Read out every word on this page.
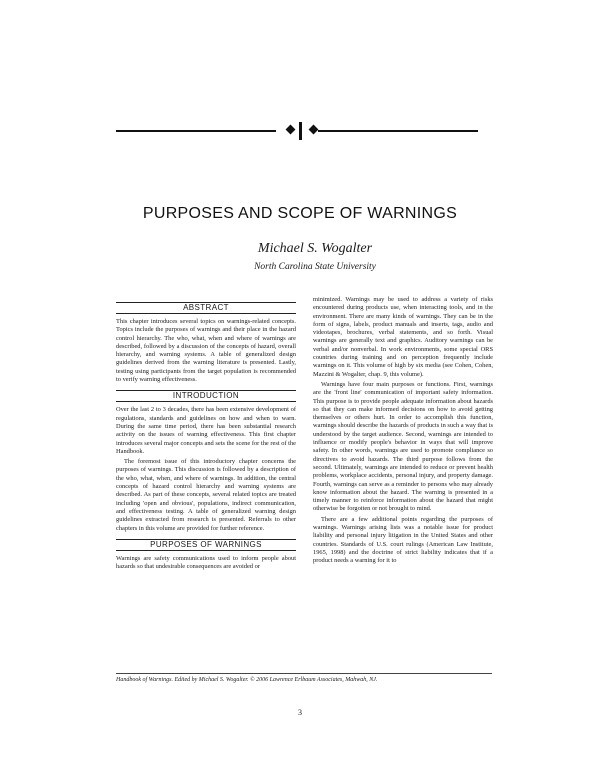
PURPOSES AND SCOPE OF WARNINGS
Michael S. Wogalter
North Carolina State University
ABSTRACT

This chapter introduces several topics on warnings-related concepts. Topics include the purposes of warnings and their place in the hazard control hierarchy. The who, what, when and where of warnings are described, followed by a discussion of the concepts of hazard, overall hierarchy, and warning systems. A table of generalized design guidelines derived from the warning literature is presented. Lastly, testing using participants from the target population is recommended to verify warning effectiveness.

INTRODUCTION

Over the last 2 to 3 decades, there has been extensive development of regulations, standards and guidelines on how and when to warn. During the same time period, there has been substantial research activity on the issues of warning effectiveness. This first chapter introduces several major concepts and sets the scene for the rest of the Handbook.

The foremost issue of this introductory chapter concerns the purposes of warnings. This discussion is followed by a description of the who, what, when, and where of warnings. In addition, the central concepts of hazard control hierarchy and warning systems are described. As part of these concepts, several related topics are treated including 'open and obvious', populations, indirect communication, and effectiveness testing. A table of generalized warning design guidelines extracted from research is presented. Referrals to other chapters in this volume are provided for further reference.

PURPOSES OF WARNINGS

Warnings are safety communications used to inform people about hazards so that undesirable consequences are avoided or

minimized. Warnings may be used to address a variety of risks encountered during products use, when interacting tools, and in the environment. There are many kinds of warnings. They can be in the form of signs, labels, product manuals and inserts, tags, audio and videotapes, brochures, verbal statements, and so forth. Visual warnings are generally text and graphics. Auditory warnings can be verbal and/or nonverbal. In work environments, some special ORS countries during training and on perception frequently include warnings on it. This volume of high by six media (see Cohen, Cohen, Mazzini & Wogalter, chap. 9, this volume).

Warnings have four main purposes or functions. First, warnings are the 'front line' communication of important safety information. This purpose is to provide people adequate information about hazards so that they can make informed decisions on how to avoid getting themselves or others hurt. In order to accomplish this function, warnings should describe the hazards of products in such a way that is understood by the target audience. Second, warnings are intended to influence or modify people's behavior in ways that will improve safety. In other words, warnings are used to promote compliance so directives to avoid hazards. The third purpose follows from the second. Ultimately, warnings are intended to reduce or prevent health problems, workplace accidents, personal injury, and property damage. Fourth, warnings can serve as a reminder to persons who may already know information about the hazard. The warning is presented in a timely manner to reinforce information about the hazard that might otherwise be forgotten or not brought to mind.

There are a few additional points regarding the purposes of warnings. Warnings arising lists was a notable issue for product liability and personal injury litigation in the United States and other countries. Standards of U.S. court rulings (American Law Institute, 1965, 1998) and the doctrine of strict liability indicates that if a product needs a warning for it to

Handbook of Warnings. Edited by Michael S. Wogalter. © 2006 Lawrence Erlbaum Associates, Mahwah, NJ.
3
